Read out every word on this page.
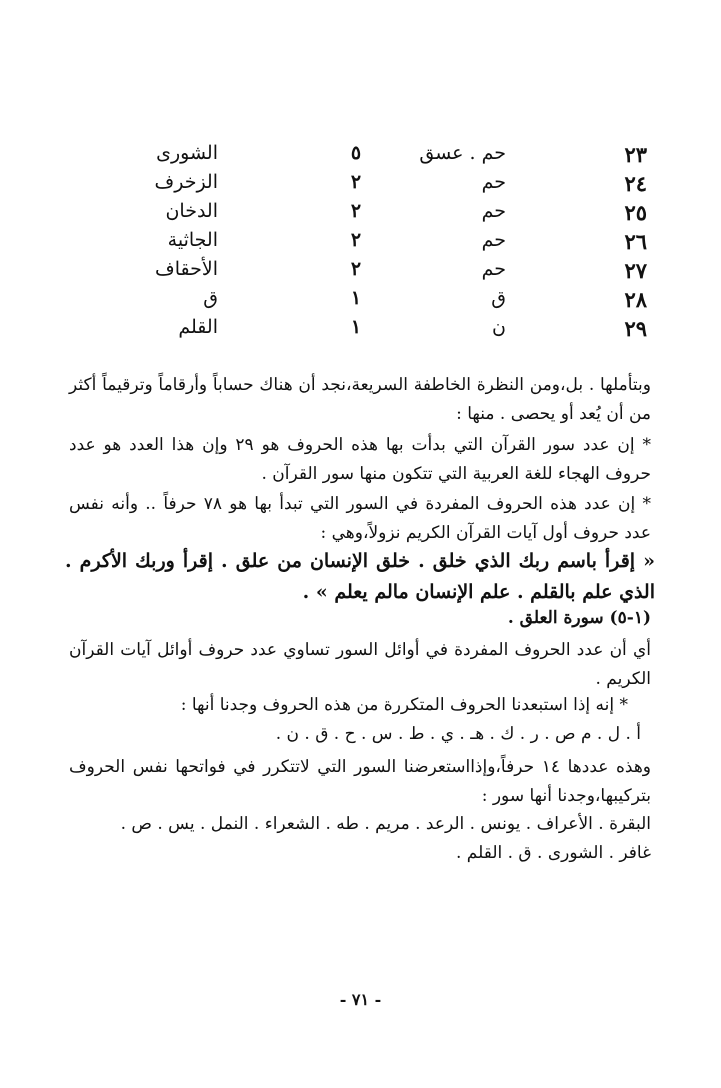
٢٣
حم . عسق
٥
الشورى
٢٤
حم
٢
الزخرف
٢٥
حم
٢
الدخان
٢٦
حم
٢
الجاثية
٢٧
حم
٢
الأحقاف
٢٨
ق
١
ق
٢٩
ن
١
القلم

وبتأملها . بل،ومن النظرة الخاطفة السريعة،نجد أن هناك حساباً وأرقاماً وترقيماً أكثر من أن يُعد أو يحصى . منها :

* إن عدد سور القرآن التي بدأت بها هذه الحروف هو ٢٩ وإن هذا العدد هو عدد حروف الهجاء للغة العربية التي تتكون منها سور القرآن .

* إن عدد هذه الحروف المفردة في السور التي تبدأ بها هو ٧٨ حرفاً .. وأنه نفس عدد حروف أول آيات القرآن الكريم نزولاً،وهي :

« إقرأ باسم ربك الذي خلق . خلق الإنسان من علق . إقرأ وربك الأكرم . الذي علم بالقلم . علم الإنسان مالم يعلم » .

(١-٥) سورة العلق .

أي أن عدد الحروف المفردة في أوائل السور تساوي عدد حروف أوائل آيات القرآن الكريم .

* إنه إذا استبعدنا الحروف المتكررة من هذه الحروف وجدنا أنها :
أ . ل . م ص . ر . ك . هـ . ي . ط . س . ح . ق . ن .

وهذه عددها ١٤ حرفاً،وإذااستعرضنا السور التي لاتتكرر في فواتحها نفس الحروف بتركيبها،وجدنا أنها سور :

البقرة . الأعراف . يونس . الرعد . مريم . طه . الشعراء . النمل . يس . ص .
غافر . الشورى . ق . القلم .
- ٧١ -
